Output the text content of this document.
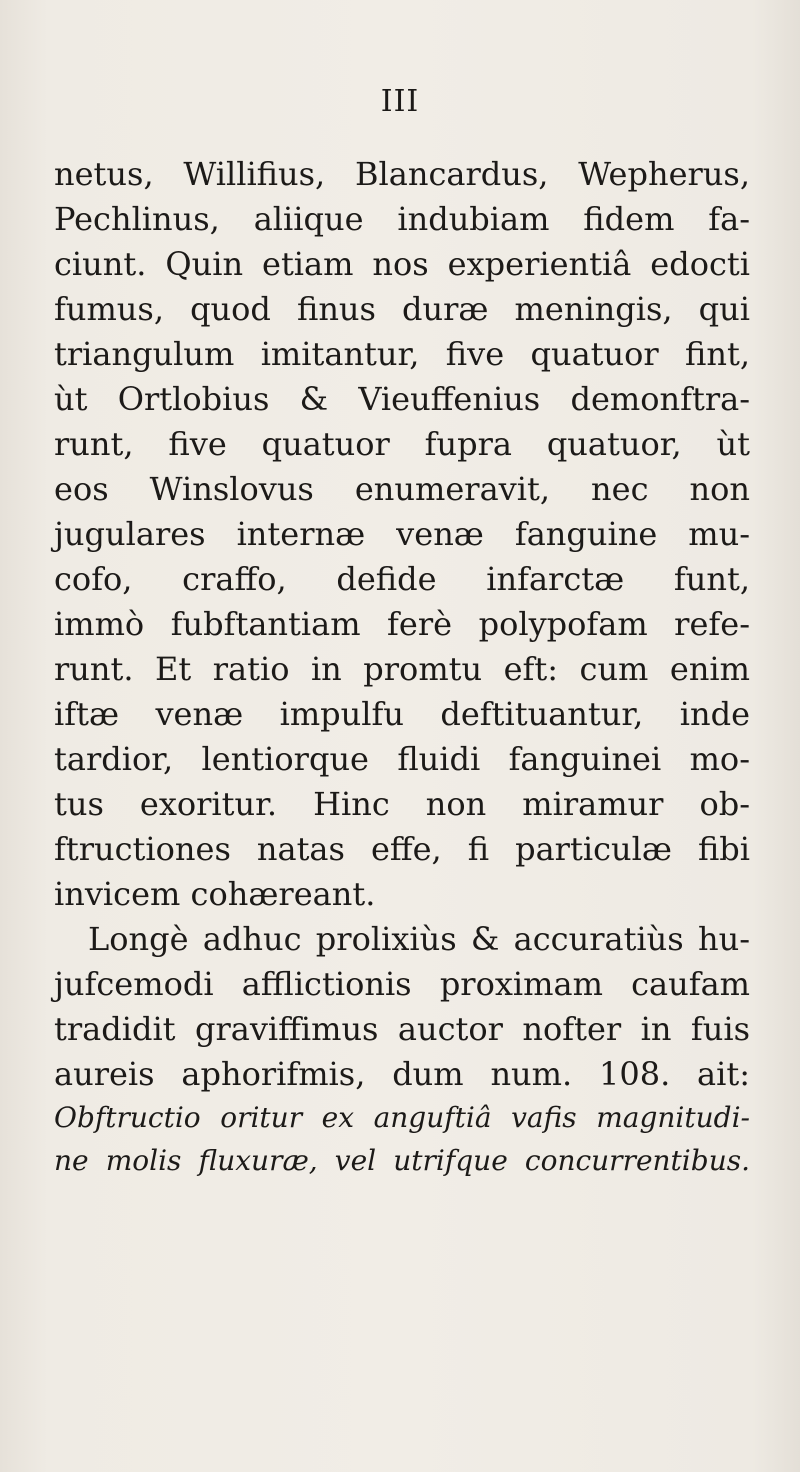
III
netus, Willifius, Blancardus, Wepherus,
Pechlinus, aliique indubiam fidem fa-
ciunt. Quin etiam nos experientiâ edocti
fumus, quod finus duræ meningis, qui
triangulum imitantur, five quatuor fint,
ùt Ortlobius & Vieuffenius demonftra-
runt, five quatuor fupra quatuor, ùt
eos Winslovus enumeravit, nec non
jugulares internæ venæ fanguine mu-
cofo, craffo, defide infarctæ funt,
immò fubftantiam ferè polypofam refe-
runt. Et ratio in promtu eft: cum enim
iftæ venæ impulfu deftituantur, inde
tardior, lentiorque fluidi fanguinei mo-
tus exoritur. Hinc non miramur ob-
ftructiones natas effe, fi particulæ fibi
invicem cohæreant.
Longè adhuc prolixiùs & accuratiùs hu-
jufcemodi afflictionis proximam caufam
tradidit graviffimus auctor nofter in fuis
aureis aphorifmis, dum num. 108. ait:
Obftructio oritur ex anguftiâ vafis magnitudi-
ne molis fluxuræ, vel utrifque concurrentibus.
